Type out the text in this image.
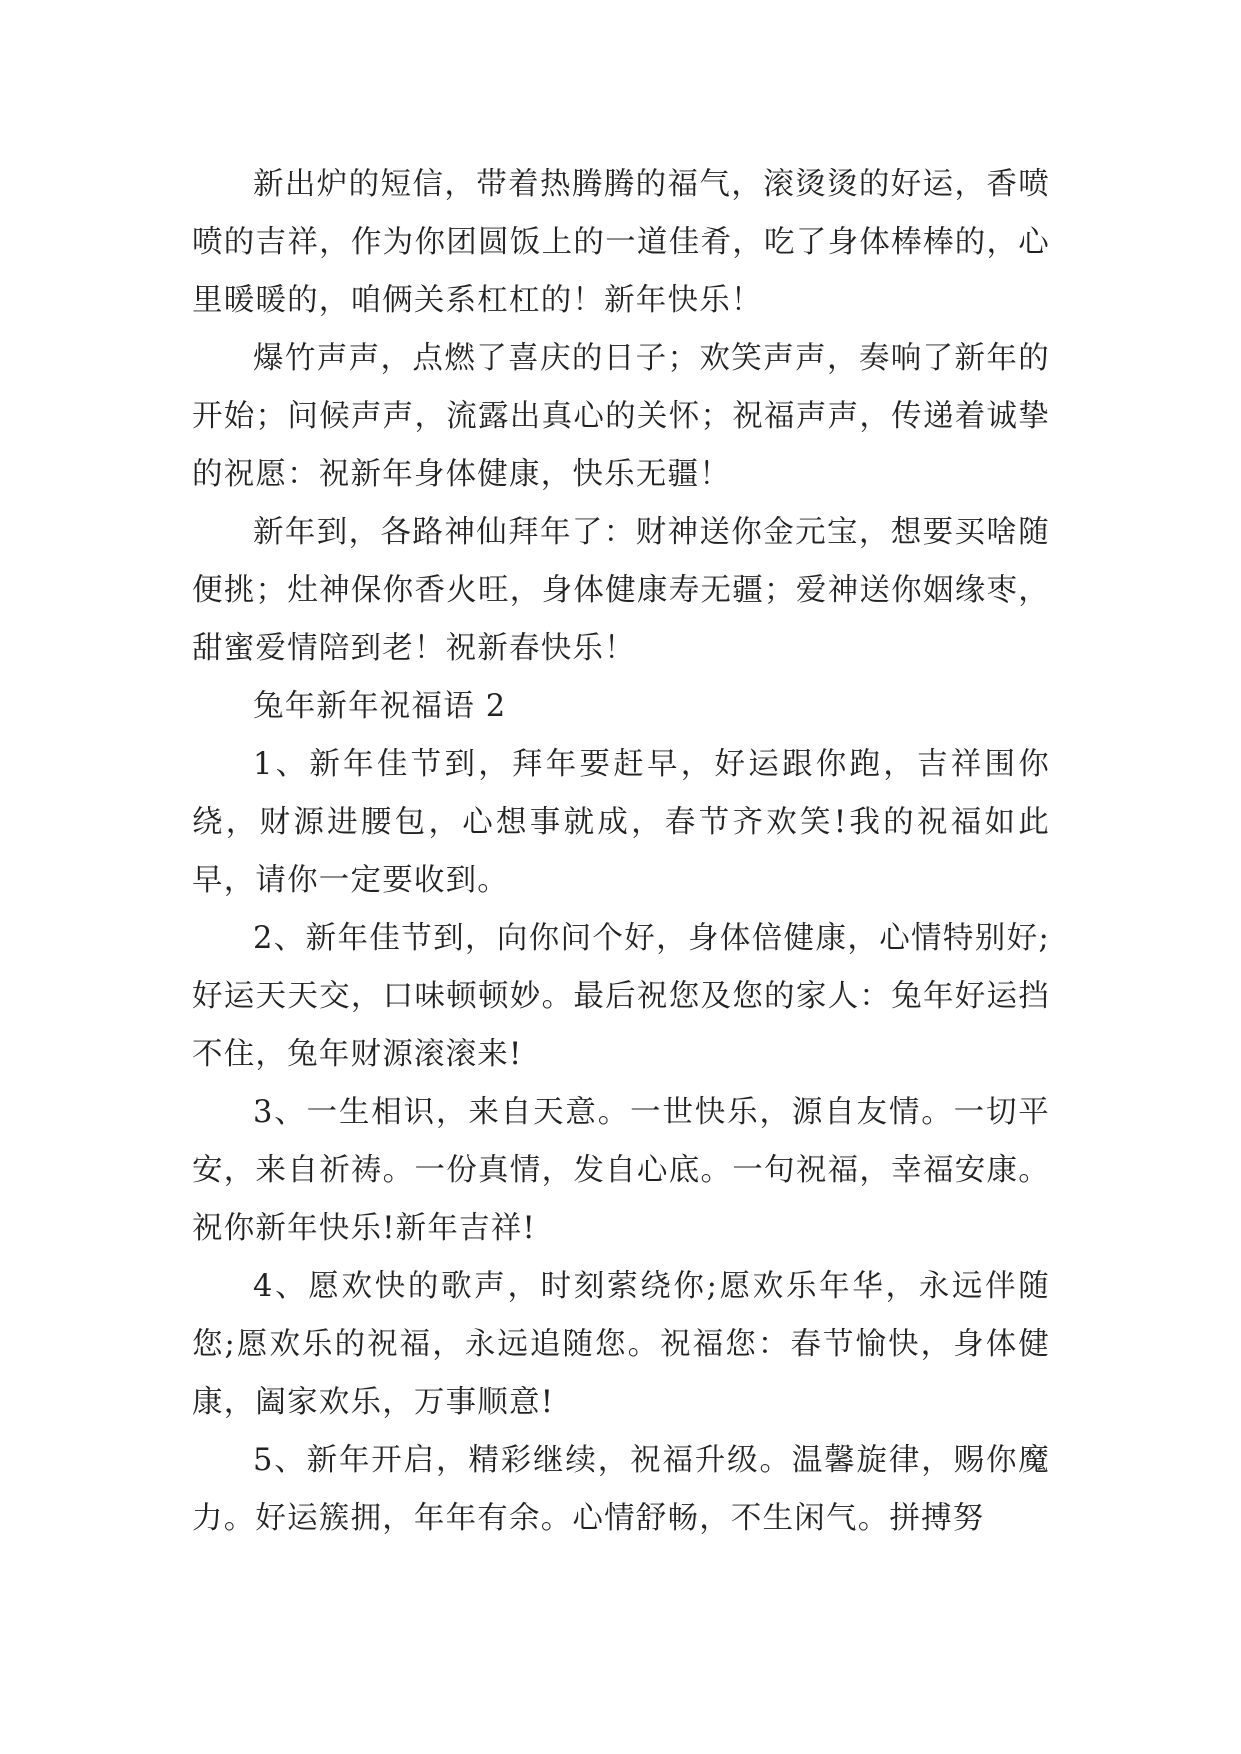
新出炉的短信，带着热腾腾的福气，滚烫烫的好运，香喷喷的吉祥，作为你团圆饭上的一道佳肴，吃了身体棒棒的，心里暖暖的，咱俩关系杠杠的！新年快乐！

爆竹声声，点燃了喜庆的日子；欢笑声声，奏响了新年的开始；问候声声，流露出真心的关怀；祝福声声，传递着诚挚的祝愿：祝新年身体健康，快乐无疆！

新年到，各路神仙拜年了：财神送你金元宝，想要买啥随便挑；灶神保你香火旺，身体健康寿无疆；爱神送你姻缘枣，甜蜜爱情陪到老！祝新春快乐！

兔年新年祝福语 2

1、新年佳节到，拜年要赶早，好运跟你跑，吉祥围你绕，财源进腰包，心想事就成，春节齐欢笑!我的祝福如此早，请你一定要收到。

2、新年佳节到，向你问个好，身体倍健康，心情特别好;好运天天交，口味顿顿妙。最后祝您及您的家人：兔年好运挡不住，兔年财源滚滚来!

3、一生相识，来自天意。一世快乐，源自友情。一切平安，来自祈祷。一份真情，发自心底。一句祝福，幸福安康。祝你新年快乐!新年吉祥!

4、愿欢快的歌声，时刻萦绕你;愿欢乐年华，永远伴随您;愿欢乐的祝福，永远追随您。祝福您：春节愉快，身体健康，阖家欢乐，万事顺意!

5、新年开启，精彩继续，祝福升级。温馨旋律，赐你魔力。好运簇拥，年年有余。心情舒畅，不生闲气。拼搏努
